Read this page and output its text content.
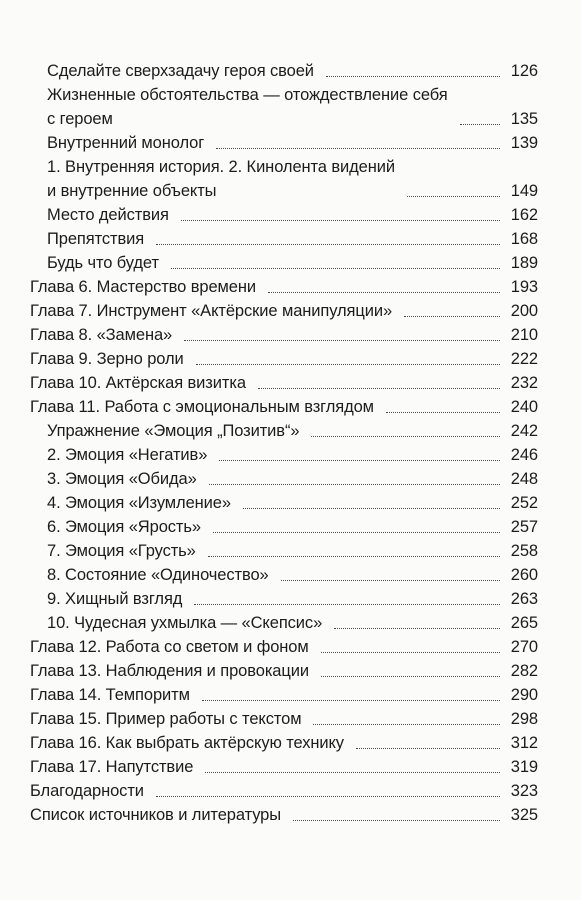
Сделайте сверхзадачу героя своей	126
Жизненные обстоятельства — отождествление себя
с героем	135
Внутренний монолог	139
1. Внутренняя история. 2. Кинолента видений
и внутренние объекты	149
Место действия	162
Препятствия	168
Будь что будет	189
Глава 6. Мастерство времени	193
Глава 7. Инструмент «Актёрские манипуляции»	200
Глава 8. «Замена»	210
Глава 9. Зерно роли	222
Глава 10. Актёрская визитка	232
Глава 11. Работа с эмоциональным взглядом	240
Упражнение «Эмоция „Позитив“»	242
2. Эмоция «Негатив»	246
3. Эмоция «Обида»	248
4. Эмоция «Изумление»	252
6. Эмоция «Ярость»	257
7. Эмоция «Грусть»	258
8. Состояние «Одиночество»	260
9. Хищный взгляд	263
10. Чудесная ухмылка — «Скепсис»	265
Глава 12. Работа со светом и фоном	270
Глава 13. Наблюдения и провокации	282
Глава 14. Темпоритм	290
Глава 15. Пример работы с текстом	298
Глава 16. Как выбрать актёрскую технику	312
Глава 17. Напутствие	319
Благодарности	323
Список источников и литературы	325
